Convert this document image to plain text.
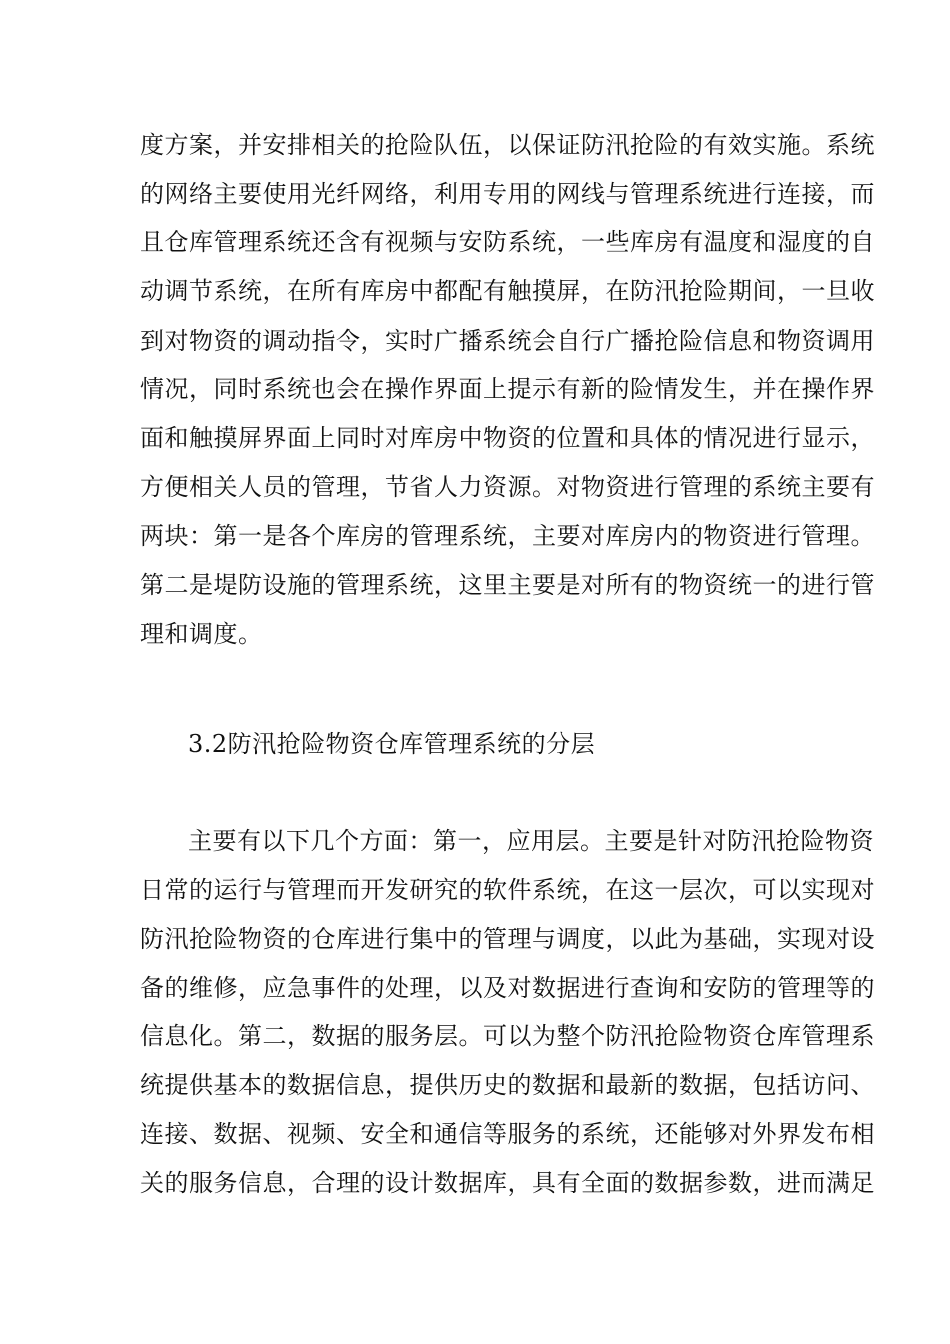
度方案，并安排相关的抢险队伍，以保证防汛抢险的有效实施。系统
的网络主要使用光纤网络，利用专用的网线与管理系统进行连接，而
且仓库管理系统还含有视频与安防系统，一些库房有温度和湿度的自
动调节系统，在所有库房中都配有触摸屏，在防汛抢险期间，一旦收
到对物资的调动指令，实时广播系统会自行广播抢险信息和物资调用
情况，同时系统也会在操作界面上提示有新的险情发生，并在操作界
面和触摸屏界面上同时对库房中物资的位置和具体的情况进行显示，
方便相关人员的管理，节省人力资源。对物资进行管理的系统主要有
两块：第一是各个库房的管理系统，主要对库房内的物资进行管理。
第二是堤防设施的管理系统，这里主要是对所有的物资统一的进行管
理和调度。
3.2防汛抢险物资仓库管理系统的分层
主要有以下几个方面：第一，应用层。主要是针对防汛抢险物资
日常的运行与管理而开发研究的软件系统，在这一层次，可以实现对
防汛抢险物资的仓库进行集中的管理与调度，以此为基础，实现对设
备的维修，应急事件的处理，以及对数据进行查询和安防的管理等的
信息化。第二，数据的服务层。可以为整个防汛抢险物资仓库管理系
统提供基本的数据信息，提供历史的数据和最新的数据，包括访问、
连接、数据、视频、安全和通信等服务的系统，还能够对外界发布相
关的服务信息，合理的设计数据库，具有全面的数据参数，进而满足
